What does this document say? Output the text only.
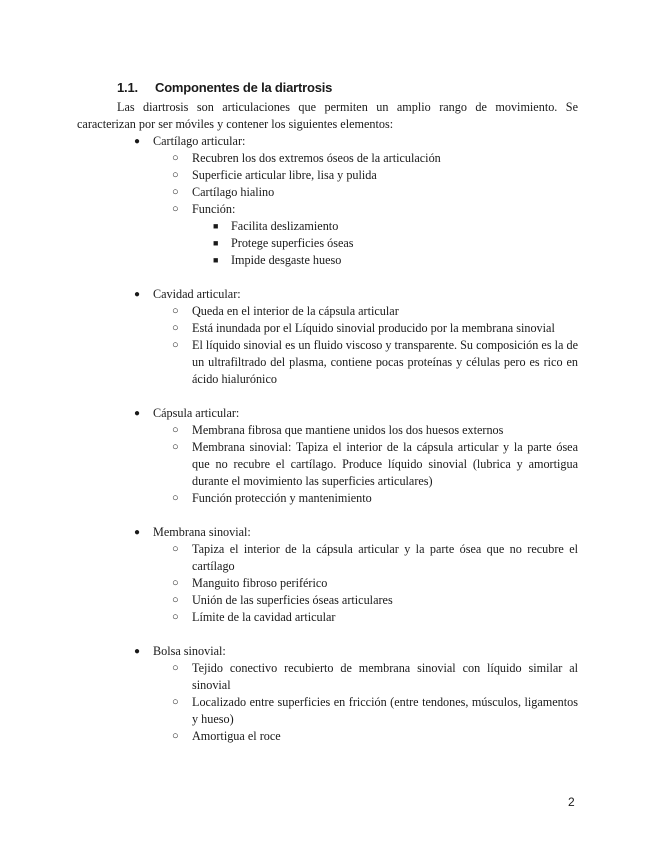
1.1. Componentes de la diartrosis

Las diartrosis son articulaciones que permiten un amplio rango de movimiento. Se caracterizan por ser móviles y contener los siguientes elementos:

●	Cartílago articular:
○ Recubren los dos extremos óseos de la articulación
○ Superficie articular libre, lisa y pulida
○ Cartílago hialino
○ Función:
■ Facilita deslizamiento
■ Protege superficies óseas
■ Impide desgaste hueso
●	Cavidad articular:
○ Queda en el interior de la cápsula articular
○ Está inundada por el Líquido sinovial producido por la membrana sinovial
○ El líquido sinovial es un fluido viscoso y transparente. Su composición es la de un ultrafiltrado del plasma, contiene pocas proteínas y células pero es rico en ácido hialurónico
●	Cápsula articular:
○ Membrana fibrosa que mantiene unidos los dos huesos externos
○ Membrana sinovial: Tapiza el interior de la cápsula articular y la parte ósea que no recubre el cartílago. Produce líquido sinovial (lubrica y amortigua durante el movimiento las superficies articulares)
○ Función protección y mantenimiento
●	Membrana sinovial:
○ Tapiza el interior de la cápsula articular y la parte ósea que no recubre el cartílago
○ Manguito fibroso periférico
○ Unión de las superficies óseas articulares
○ Límite de la cavidad articular
●	Bolsa sinovial:
○ Tejido conectivo recubierto de membrana sinovial con líquido similar al sinovial
○ Localizado entre superficies en fricción (entre tendones, músculos, ligamentos y hueso)
○ Amortigua el roce

2
